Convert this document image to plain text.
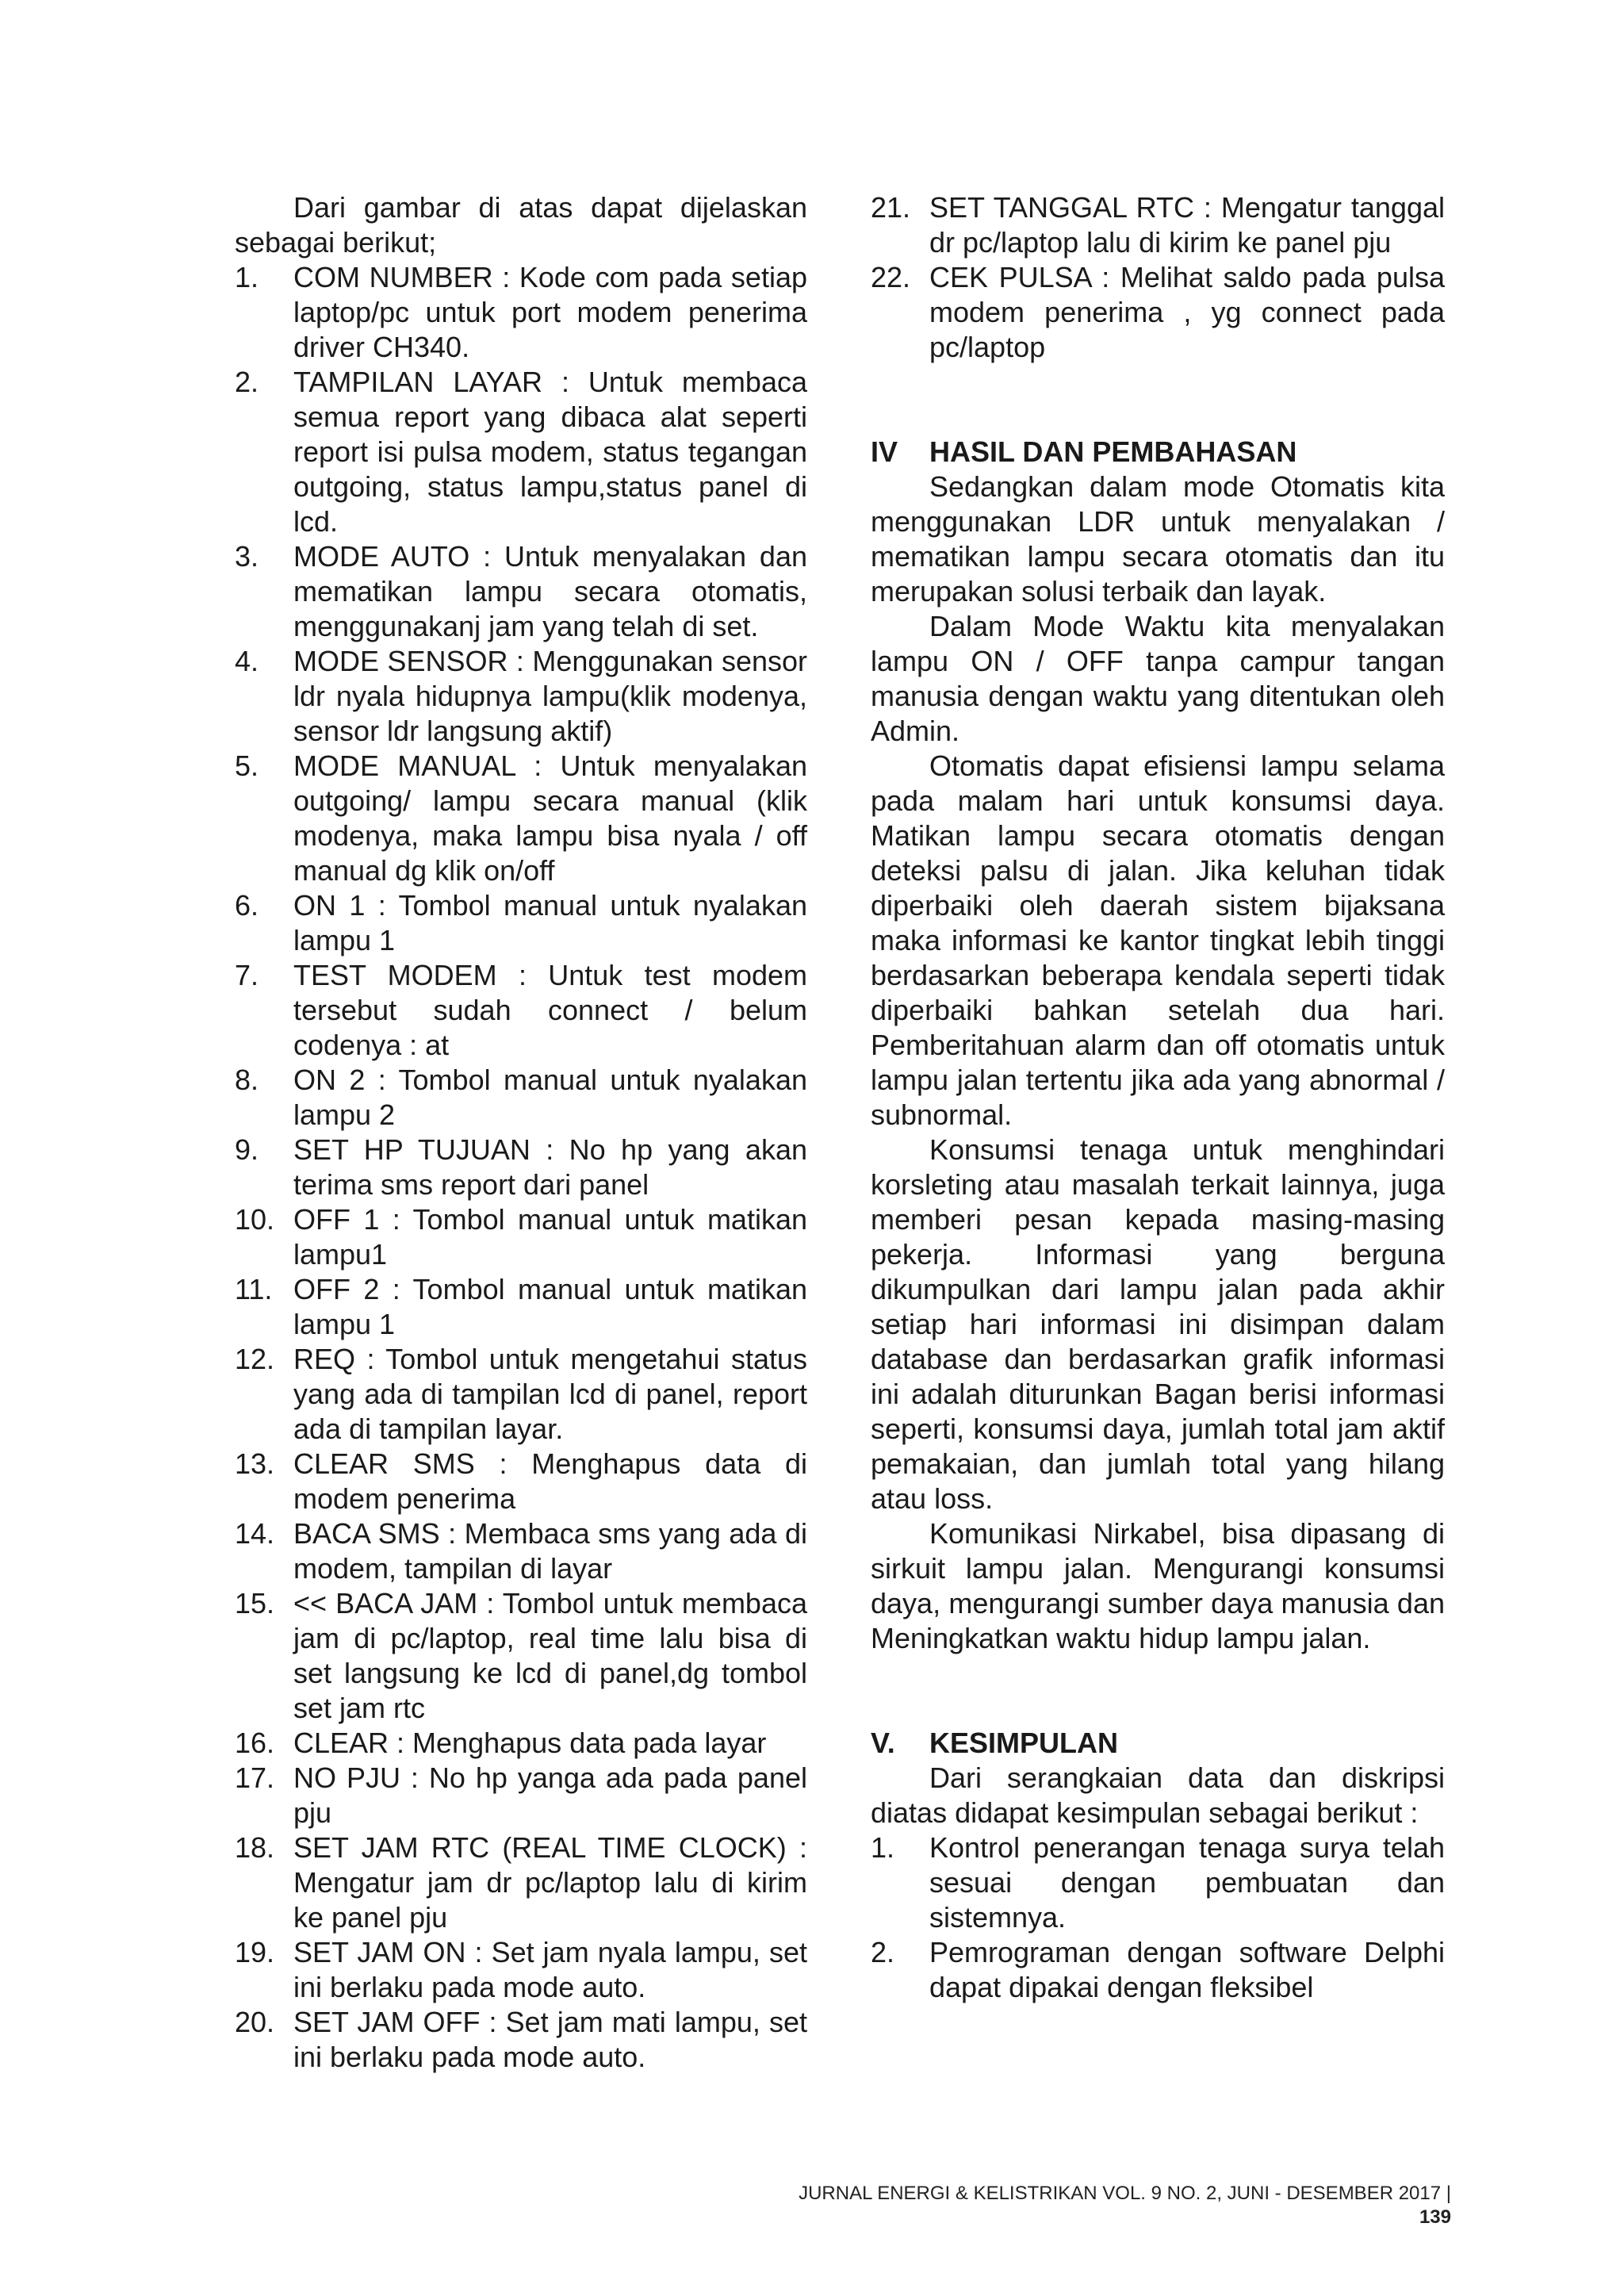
Dari gambar di atas dapat dijelaskan sebagai berikut;

1. COM NUMBER : Kode com pada setiap laptop/pc untuk port modem penerima driver CH340.
2. TAMPILAN LAYAR : Untuk membaca semua report yang dibaca alat seperti report isi pulsa modem, status tegangan outgoing, status lampu,status panel di lcd.
3. MODE AUTO : Untuk menyalakan dan mematikan lampu secara otomatis, menggunakanj jam yang telah di set.
4. MODE SENSOR : Menggunakan sensor ldr nyala hidupnya lampu(klik modenya, sensor ldr langsung aktif)
5. MODE MANUAL : Untuk menyalakan outgoing/ lampu secara manual (klik modenya, maka lampu bisa nyala / off manual dg klik on/off
6. ON 1 : Tombol manual untuk nyalakan lampu 1
7. TEST MODEM : Untuk test modem tersebut sudah connect / belum codenya : at
8. ON 2 : Tombol manual untuk nyalakan lampu 2
9. SET HP TUJUAN : No hp yang akan terima sms report dari panel
10. OFF 1 : Tombol manual untuk matikan lampu1
11. OFF 2 : Tombol manual untuk matikan lampu 1
12. REQ : Tombol untuk mengetahui status yang ada di tampilan lcd di panel, report ada di tampilan layar.
13. CLEAR SMS : Menghapus data di modem penerima
14. BACA SMS : Membaca sms yang ada di modem, tampilan di layar
15. << BACA JAM : Tombol untuk membaca jam di pc/laptop, real time lalu bisa di set langsung ke lcd di panel,dg tombol set jam rtc
16. CLEAR : Menghapus data pada layar
17. NO PJU : No hp yanga ada pada panel pju
18. SET JAM RTC (REAL TIME CLOCK) : Mengatur jam dr pc/laptop lalu di kirim ke panel pju
19. SET JAM ON : Set jam nyala lampu, set ini berlaku pada mode auto.
20. SET JAM OFF : Set jam mati lampu, set ini berlaku pada mode auto.
21. SET TANGGAL RTC : Mengatur tanggal dr pc/laptop lalu di kirim ke panel pju
22. CEK PULSA : Melihat saldo pada pulsa modem penerima , yg connect pada pc/laptop
IV HASIL DAN PEMBAHASAN

Sedangkan dalam mode Otomatis kita menggunakan LDR untuk menyalakan / mematikan lampu secara otomatis dan itu merupakan solusi terbaik dan layak.

Dalam Mode Waktu kita menyalakan lampu ON / OFF tanpa campur tangan manusia dengan waktu yang ditentukan oleh Admin.

Otomatis dapat efisiensi lampu selama pada malam hari untuk konsumsi daya. Matikan lampu secara otomatis dengan deteksi palsu di jalan. Jika keluhan tidak diperbaiki oleh daerah sistem bijaksana maka informasi ke kantor tingkat lebih tinggi berdasarkan beberapa kendala seperti tidak diperbaiki bahkan setelah dua hari. Pemberitahuan alarm dan off otomatis untuk lampu jalan tertentu jika ada yang abnormal / subnormal.

Konsumsi tenaga untuk menghindari korsleting atau masalah terkait lainnya, juga memberi pesan kepada masing-masing pekerja. Informasi yang berguna dikumpulkan dari lampu jalan pada akhir setiap hari informasi ini disimpan dalam database dan berdasarkan grafik informasi ini adalah diturunkan Bagan berisi informasi seperti, konsumsi daya, jumlah total jam aktif pemakaian, dan jumlah total yang hilang atau loss.

Komunikasi Nirkabel, bisa dipasang di sirkuit lampu jalan. Mengurangi konsumsi daya, mengurangi sumber daya manusia dan Meningkatkan waktu hidup lampu jalan.

V. KESIMPULAN

Dari serangkaian data dan diskripsi diatas didapat kesimpulan sebagai berikut :

1. Kontrol penerangan tenaga surya telah sesuai dengan pembuatan dan sistemnya.
2. Pemrograman dengan software Delphi dapat dipakai dengan fleksibel
JURNAL ENERGI & KELISTRIKAN VOL. 9 NO. 2, JUNI - DESEMBER 2017 | 139
